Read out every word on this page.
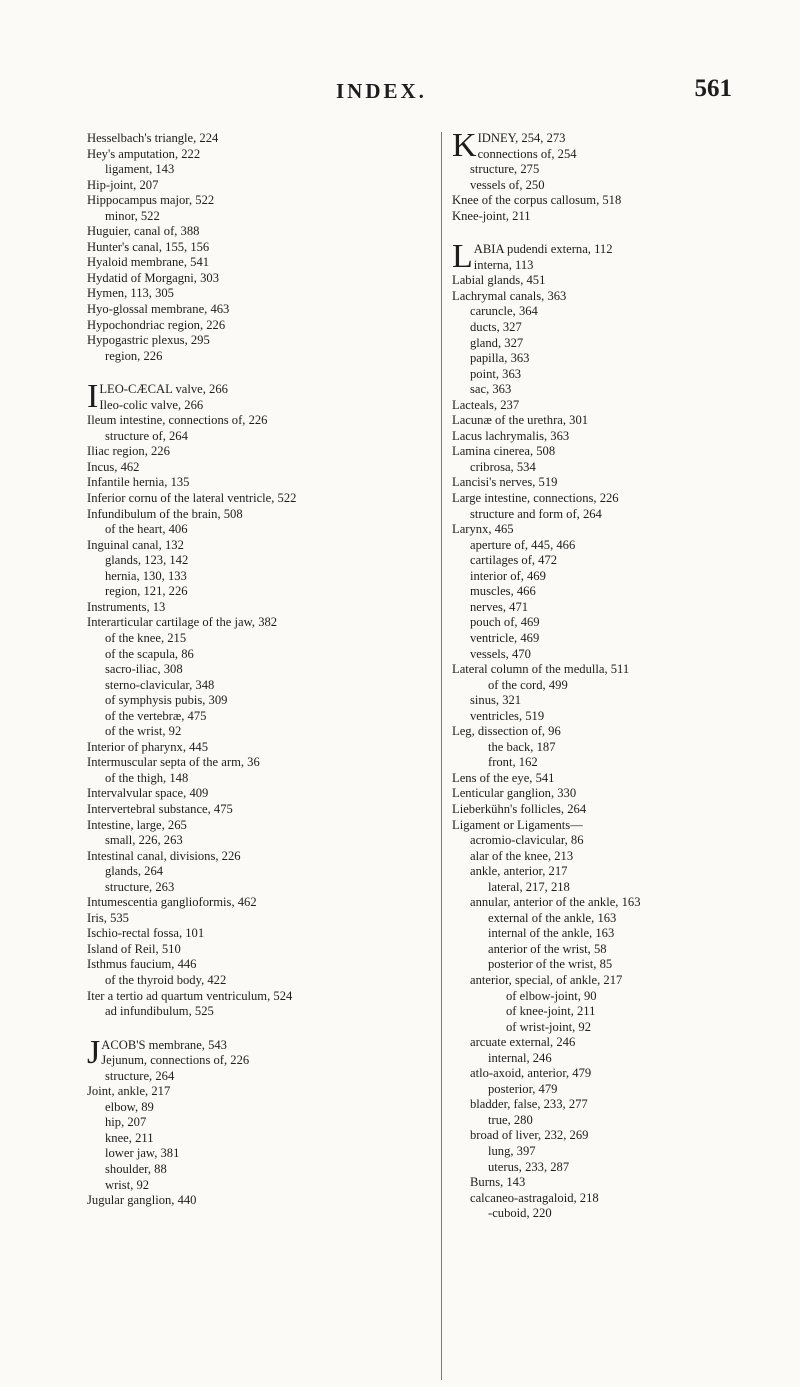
INDEX.	561
Hesselbach's triangle, 224
Hey's amputation, 222
ligament, 143
Hip-joint, 207
Hippocampus major, 522
minor, 522
Huguier, canal of, 388
Hunter's canal, 155, 156
Hyaloid membrane, 541
Hydatid of Morgagni, 303
Hymen, 113, 305
Hyo-glossal membrane, 463
Hypochondriac region, 226
Hypogastric plexus, 295
region, 226
I LEO-CÆCAL valve, 266
Ileo-colic valve, 266
Ileum intestine, connections of, 226
structure of, 264
Iliac region, 226
Incus, 462
Infantile hernia, 135
Inferior cornu of the lateral ventricle, 522
Infundibulum of the brain, 508
of the heart, 406
Inguinal canal, 132
glands, 123, 142
hernia, 130, 133
region, 121, 226
Instruments, 13
Interarticular cartilage of the jaw, 382
of the knee, 215
of the scapula, 86
sacro-iliac, 308
sterno-clavicular, 348
of symphysis pubis, 309
of the vertebræ, 475
of the wrist, 92
Interior of pharynx, 445
Intermuscular septa of the arm, 36
of the thigh, 148
Intervalvular space, 409
Intervertebral substance, 475
Intestine, large, 265
small, 226, 263
Intestinal canal, divisions, 226
glands, 264
structure, 263
Intumescentia ganglioformis, 462
Iris, 535
Ischio-rectal fossa, 101
Island of Reil, 510
Isthmus faucium, 446
of the thyroid body, 422
Iter a tertio ad quartum ventriculum, 524
ad infundibulum, 525
J ACOB'S membrane, 543
Jejunum, connections of, 226
structure, 264
Joint, ankle, 217
elbow, 89
hip, 207
knee, 211
lower jaw, 381
shoulder, 88
wrist, 92
Jugular ganglion, 440
K IDNEY, 254, 273
connections of, 254
structure, 275
vessels of, 250
Knee of the corpus callosum, 518
Knee-joint, 211
L ABIA pudendi externa, 112
interna, 113
Labial glands, 451
Lachrymal canals, 363
caruncle, 364
ducts, 327
gland, 327
papilla, 363
point, 363
sac, 363
Lacteals, 237
Lacunæ of the urethra, 301
Lacus lachrymalis, 363
Lamina cinerea, 508
cribrosa, 534
Lancisi's nerves, 519
Large intestine, connections, 226
structure and form of, 264
Larynx, 465
aperture of, 445, 466
cartilages of, 472
interior of, 469
muscles, 466
nerves, 471
pouch of, 469
ventricle, 469
vessels, 470
Lateral column of the medulla, 511
of the cord, 499
sinus, 321
ventricles, 519
Leg, dissection of, 96
the back, 187
front, 162
Lens of the eye, 541
Lenticular ganglion, 330
Lieberkühn's follicles, 264
Ligament or Ligaments—
acromio-clavicular, 86
alar of the knee, 213
ankle, anterior, 217
lateral, 217, 218
annular, anterior of the ankle, 163
external of the ankle, 163
internal of the ankle, 163
anterior of the wrist, 58
posterior of the wrist, 85
anterior, special, of ankle, 217
of elbow-joint, 90
of knee-joint, 211
of wrist-joint, 92
arcuate external, 246
internal, 246
atlo-axoid, anterior, 479
posterior, 479
bladder, false, 233, 277
true, 280
broad of liver, 232, 269
lung, 397
uterus, 233, 287
Burns, 143
calcaneo-astragaloid, 218
-cuboid, 220
